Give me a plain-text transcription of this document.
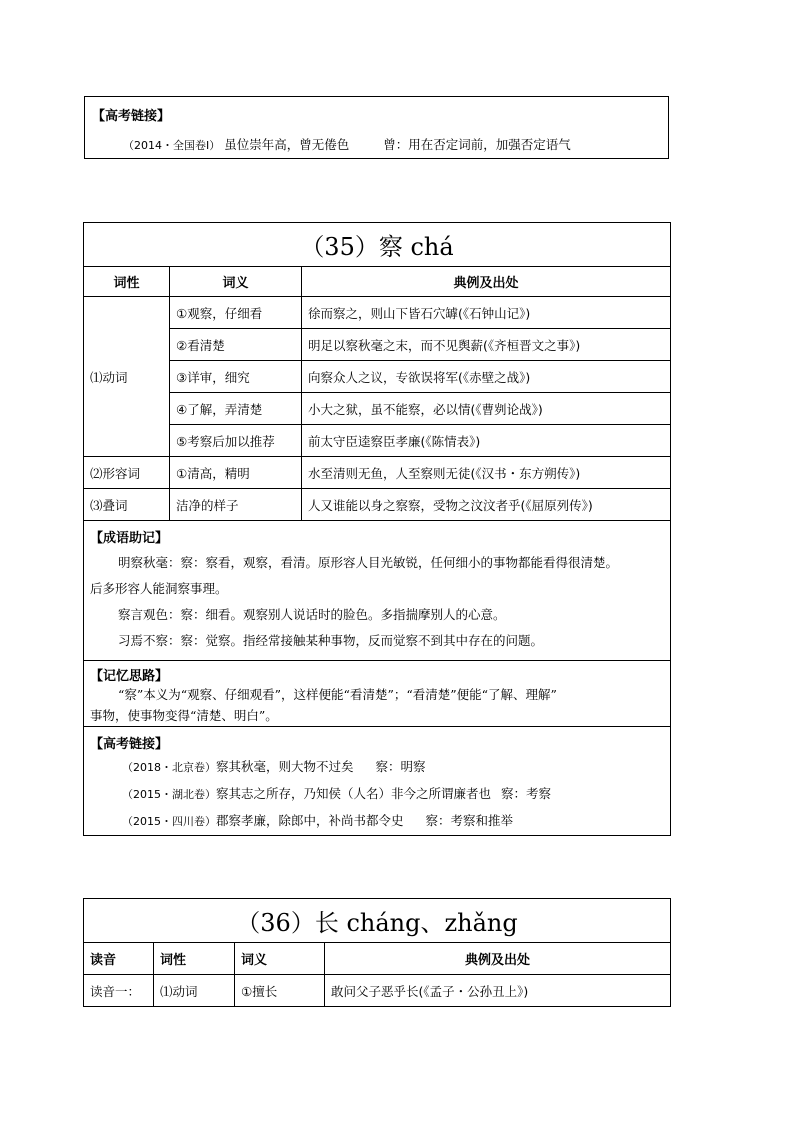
【高考链接】
（2014・全国卷Ⅰ） 虽位崇年高，曾无倦色	曾：用在否定词前，加强否定语气
（35）察 chá		
词性	词义	典例及出处
⑴动词	①观察，仔细看	徐而察之，则山下皆石穴罅(《石钟山记》)
	②看清楚	明足以察秋毫之末，而不见舆薪(《齐桓晋文之事》)
	③详审，细究	向察众人之议，专欲误将军(《赤壁之战》)
	④了解，弄清楚	小大之狱，虽不能察，必以情(《曹刿论战》)
	⑤考察后加以推荐	前太守臣逵察臣孝廉(《陈情表》)
⑵形容词	①清高，精明	水至清则无鱼，人至察则无徒(《汉书・东方朔传》)
⑶叠词	洁净的样子	人又谁能以身之察察，受物之汶汶者乎(《屈原列传》)

【成语助记】
明察秋毫：察：察看，观察，看清。原形容人目光敏锐，任何细小的事物都能看得很清楚。
后多形容人能洞察事理。
察言观色：察：细看。观察别人说话时的脸色。多指揣摩别人的心意。
习焉不察：察：觉察。指经常接触某种事物，反而觉察不到其中存在的问题。		

【记忆思路】
“察”本义为“观察、仔细观看”，这样便能“看清楚”；“看清楚”便能“了解、理解”
事物，使事物变得“清楚、明白”。		

【高考链接】
（2018・北京卷）察其秋毫，则大物不过矣 察：明察
（2015・湖北卷）察其志之所存，乃知侯（人名）非今之所谓廉者也 察：考察
（2015・四川卷）郡察孝廉，除郎中，补尚书都令史 察：考察和推举		
（36）长 cháng、zhǎng			
读音	词性	词义	典例及出处
读音一：	⑴动词	①擅长	敢问父子恶乎长(《孟子・公孙丑上》)
